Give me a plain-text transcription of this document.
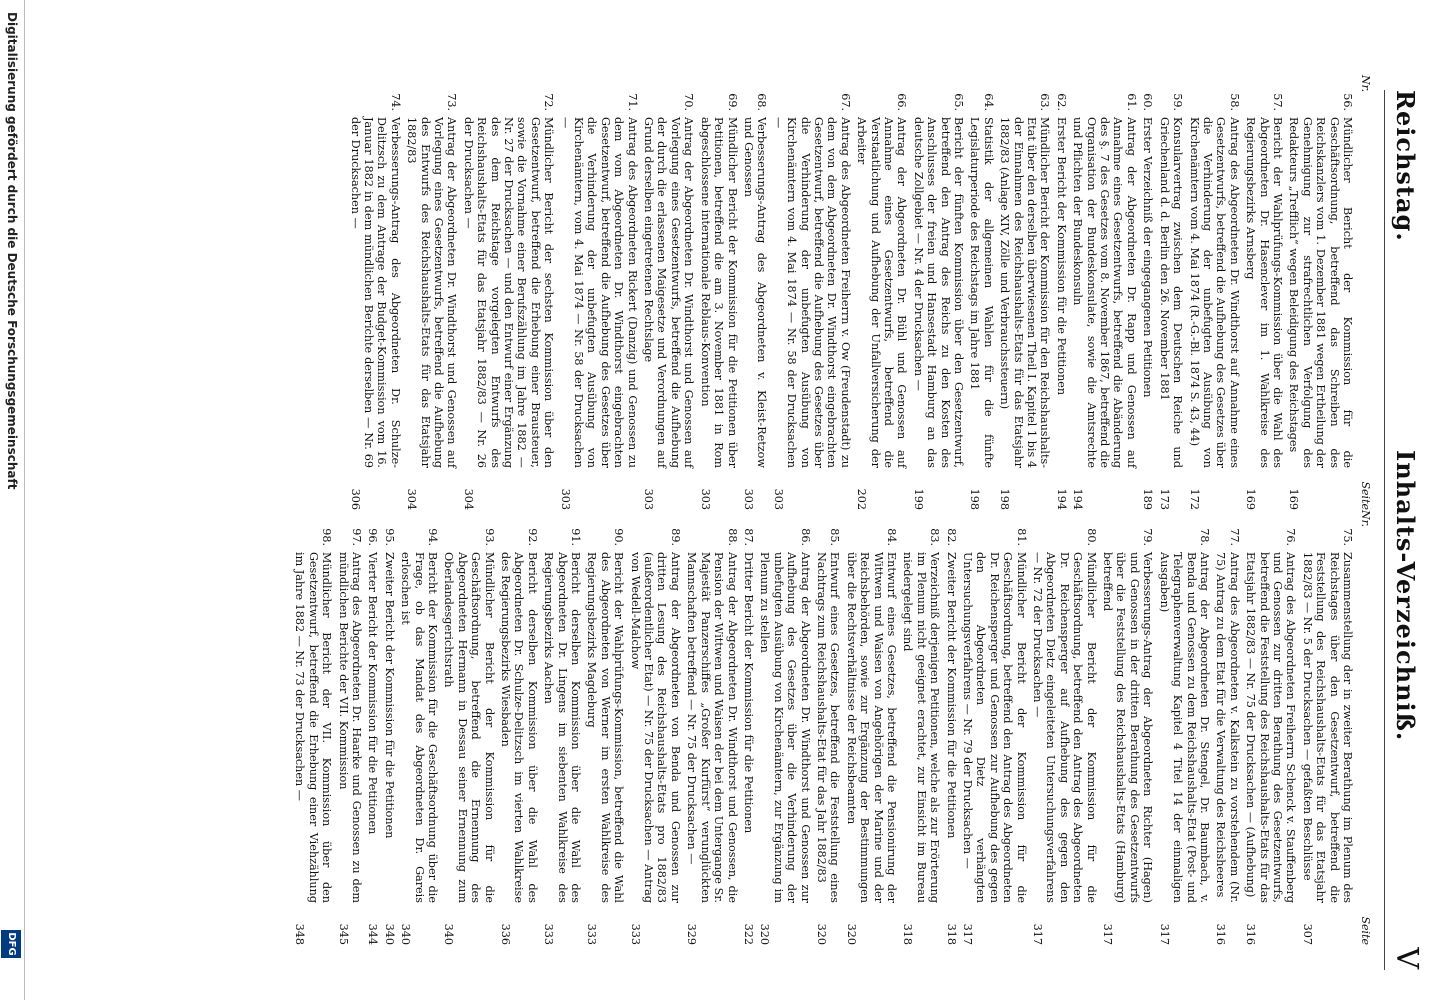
Reichstag.
Inhalts-Verzeichniß.
V
Nr.
Seite
56.
Mündlicher Bericht der Kommission für die Geschäftsordnung, betreffend das Schreiben des Reichskanzlers vom 1. Dezember 1881 wegen Ertheilung der Genehmigung zur strafrechtlichen Verfolgung des Redakteurs „Trefflich“ wegen Beleidigung des Reichstages
169
57.
Bericht der Wahlprüfungs-Kommission über die Wahl des Abgeordneten Dr. Hasenclever im 1. Wahlkreise des Regierungsbezirks Arnsberg
169
58.
Antrag des Abgeordneten Dr. Windthorst auf Annahme eines Gesetzentwurfs, betreffend die Aufhebung des Gesetzes über die Verhinderung der unbefugten Ausübung von Kirchenämtern vom 4. Mai 1874 (R.-G.-Bl. 1874 S. 43, 44)
172
59.
Konsularvertrag zwischen dem Deutschen Reiche und Griechenland d. d. Berlin den 26. November 1881
173
60.
Erster Verzeichniß der eingegangenen Petitionen
189
61.
Antrag der Abgeordneten Dr. Rapp und Genossen auf Annahme eines Gesetzentwurfs, betreffend die Abänderung des §. 7 des Gesetzes vom 8. November 1867, betreffend die Organisation der Bundeskonsulate, sowie die Amtsrechte und Pflichten der Bundeskonsuln
194
62.
Erster Bericht der Kommission für die Petitionen
194
63.
Mündlicher Bericht der Kommission für den Reichshaushalts-Etat über den derselben überwiesenen Theil I. Kapitel 1 bis 4 der Einnahmen des Reichshaushalts-Etats für das Etatsjahr 1882/83 (Anlage XIV, Zölle und Verbrauchssteuern)
198
64.
Statistik der allgemeinen Wahlen für die fünfte Legislaturperiode des Reichstags im Jahre 1881
198
65.
Bericht der fünften Kommission über den Gesetzentwurf, betreffend den Antrag des Reichs zu den Kosten des Anschlusses der freien und Hansestadt Hamburg an das deutsche Zollgebiet — Nr. 4 der Drucksachen —
199
66.
Antrag der Abgeordneten Dr. Bühl und Genossen auf Annahme eines Gesetzentwurfs, betreffend die Verstaatlichung und Aufhebung der Unfallversicherung der Arbeiter
202
67.
Antrag des Abgeordneten Freiherrn v. Ow (Freudenstadt) zu dem von dem Abgeordneten Dr. Windthorst eingebrachten Gesetzentwurf, betreffend die Aufhebung des Gesetzes über die Verhinderung der unbefugten Ausübung von Kirchenämtern vom 4. Mai 1874 — Nr. 58 der Drucksachen —
303
68.
Verbesserungs-Antrag des Abgeordneten v. Kleist-Retzow und Genossen
303
69.
Mündlicher Bericht der Kommission für die Petitionen über Petitionen, betreffend die am 3. November 1881 in Rom abgeschlossene internationale Reblaus-Konvention
303
70.
Antrag der Abgeordneten Dr. Windthorst und Genossen auf Vorlegung eines Gesetzentwurfs, betreffend die Aufhebung der durch die erlassenen Maigesetze und Verordnungen auf Grund derselben eingetretenen Rechtslage
303
71.
Antrag des Abgeordneten Rickert (Danzig) und Genossen zu dem vom Abgeordneten Dr. Windthorst eingebrachten Gesetzentwurf, betreffend die Aufhebung des Gesetzes über die Verhinderung der unbefugten Ausübung von Kirchenämtern, vom 4. Mai 1874 — Nr. 58 der Drucksachen —
303
72.
Mündlicher Bericht der sechsten Kommission über den Gesetzentwurf, betreffend die Erhebung einer Brausteuer, sowie die Vornahme einer Berufszählung im Jahre 1882 — Nr. 27 der Drucksachen — und den Entwurf einer Ergänzung des dem Reichstage vorgelegten Entwurfs des Reichshaushalts-Etats für das Etatsjahr 1882/83 — Nr. 26 der Drucksachen —
304
73.
Antrag der Abgeordneten Dr. Windthorst und Genossen auf Vorlegung eines Gesetzentwurfs, betreffend die Aufhebung des Entwurfs des Reichshaushalts-Etats für das Etatsjahr 1882/83
304
74.
Verbesserungs-Antrag des Abgeordneten Dr. Schulze-Delitzsch zu dem Antrage der Budget-Kommission vom 16. Januar 1882 in dem mündlichen Berichte derselben — Nr. 69 der Drucksachen —
306
Nr.
Seite
75.
Zusammenstellung der in zweiter Berathung im Plenum des Reichstages über den Gesetzentwurf, betreffend die Feststellung des Reichshaushalts-Etats für das Etatsjahr 1882/83 — Nr. 5 der Drucksachen — gefaßten Beschlüsse
307
76.
Antrag des Abgeordneten Freiherrn Schenck v. Stauffenberg und Genossen zur dritten Berathung des Gesetzentwurfs, betreffend die Feststellung des Reichshaushalts-Etats für das Etatsjahr 1882/83 — Nr. 75 der Drucksachen — (Aufhebung)
316
77.
Antrag des Abgeordneten v. Kalkstein zu vorstehendem (Nr. 75) Antrag zu dem Etat für die Verwaltung des Reichsheeres
316
78.
Antrag der Abgeordneten Dr. Stengel, Dr. Baumbach, v. Benda und Genossen zu dem Reichshaushalts-Etat (Post- und Telegraphenverwaltung Kapitel 4 Titel 14 der einmaligen Ausgaben)
317
79.
Verbesserungs-Antrag der Abgeordneten Richter (Hagen) und Genossen in der dritten Berathung des Gesetzentwurfs über die Feststellung des Reichshaushalts-Etats (Hamburg) betreffend
317
80.
Mündlicher Bericht der Kommission für die Geschäftsordnung, betreffend den Antrag des Abgeordneten Dr. Reichensperger auf Aufhebung des gegen den Abgeordneten Dietz eingeleiteten Untersuchungsverfahrens — Nr. 72 der Drucksachen —
317
81.
Mündlicher Bericht der Kommission für die Geschäftsordnung, betreffend den Antrag des Abgeordneten Dr. Reichensperger und Genossen zur Aufhebung des gegen den Abgeordneten Dietz verhängten Untersuchungsverfahrens — Nr. 79 der Drucksachen —
317
82.
Zweiter Bericht der Kommission für die Petitionen
318
83.
Verzeichniß derjenigen Petitionen, welche als zur Erörterung im Plenum nicht geeignet erachtet, zur Einsicht im Bureau niedergelegt sind
318
84.
Entwurf eines Gesetzes, betreffend die Pensionirung der Wittwen und Waisen von Angehörigen der Marine und der Reichsbehörden, sowie zur Ergänzung der Bestimmungen über die Rechtsverhältnisse der Reichsbeamten
320
85.
Entwurf eines Gesetzes, betreffend die Feststellung eines Nachtrags zum Reichshaushalts-Etat für das Jahr 1882/83
320
86.
Antrag der Abgeordneten Dr. Windthorst und Genossen zur Aufhebung des Gesetzes über die Verhinderung der unbefugten Ausübung von Kirchenämtern, zur Ergänzung im Plenum zu stellen
320
87.
Dritter Bericht der Kommission für die Petitionen
322
88.
Antrag der Abgeordneten Dr. Windthorst und Genossen, die Pension der Wittwen und Waisen der bei dem Untergange Sr. Majestät Panzerschiffes „Großer Kurfürst“ verunglückten Mannschaften betreffend — Nr. 75 der Drucksachen —
329
89.
Antrag der Abgeordneten von Benda und Genossen zur dritten Lesung des Reichshaushalts-Etats pro 1882/83 (außerordentlicher Etat) — Nr. 75 der Drucksachen — Antrag von Wedell-Malchow
333
90.
Bericht der Wahlprüfungs-Kommission, betreffend die Wahl des Abgeordneten von Werner im ersten Wahlkreise des Regierungsbezirks Magdeburg
333
91.
Bericht derselben Kommission über die Wahl des Abgeordneten Dr. Lingens im siebenten Wahlkreise des Regierungsbezirks Aachen
333
92.
Bericht derselben Kommission über die Wahl des Abgeordneten Dr. Schulze-Delitzsch im vierten Wahlkreise des Regierungsbezirks Wiesbaden
336
93.
Mündlicher Bericht der Kommission für die Geschäftsordnung, betreffend die Ernennung des Abgeordneten Hermann in Dessau seiner Ernennung zum Oberlandesgerichtsrath
340
94.
Bericht der Kommission für die Geschäftsordnung über die Frage, ob das Mandat des Abgeordneten Dr. Gareis erloschen ist
340
95.
Zweiter Bericht der Kommission für die Petitionen
340
96.
Vierter Bericht der Kommission für die Petitionen
344
97.
Antrag des Abgeordneten Dr. Haarke und Genossen zu dem mündlichen Berichte der VII. Kommission
345
98.
Mündlicher Bericht der VII. Kommission über den Gesetzentwurf, betreffend die Erhebung einer Viehzählung im Jahre 1882 — Nr. 73 der Drucksachen —
348
Digitalisierung gefördert durch die Deutsche Forschungsgemeinschaft
DFG
